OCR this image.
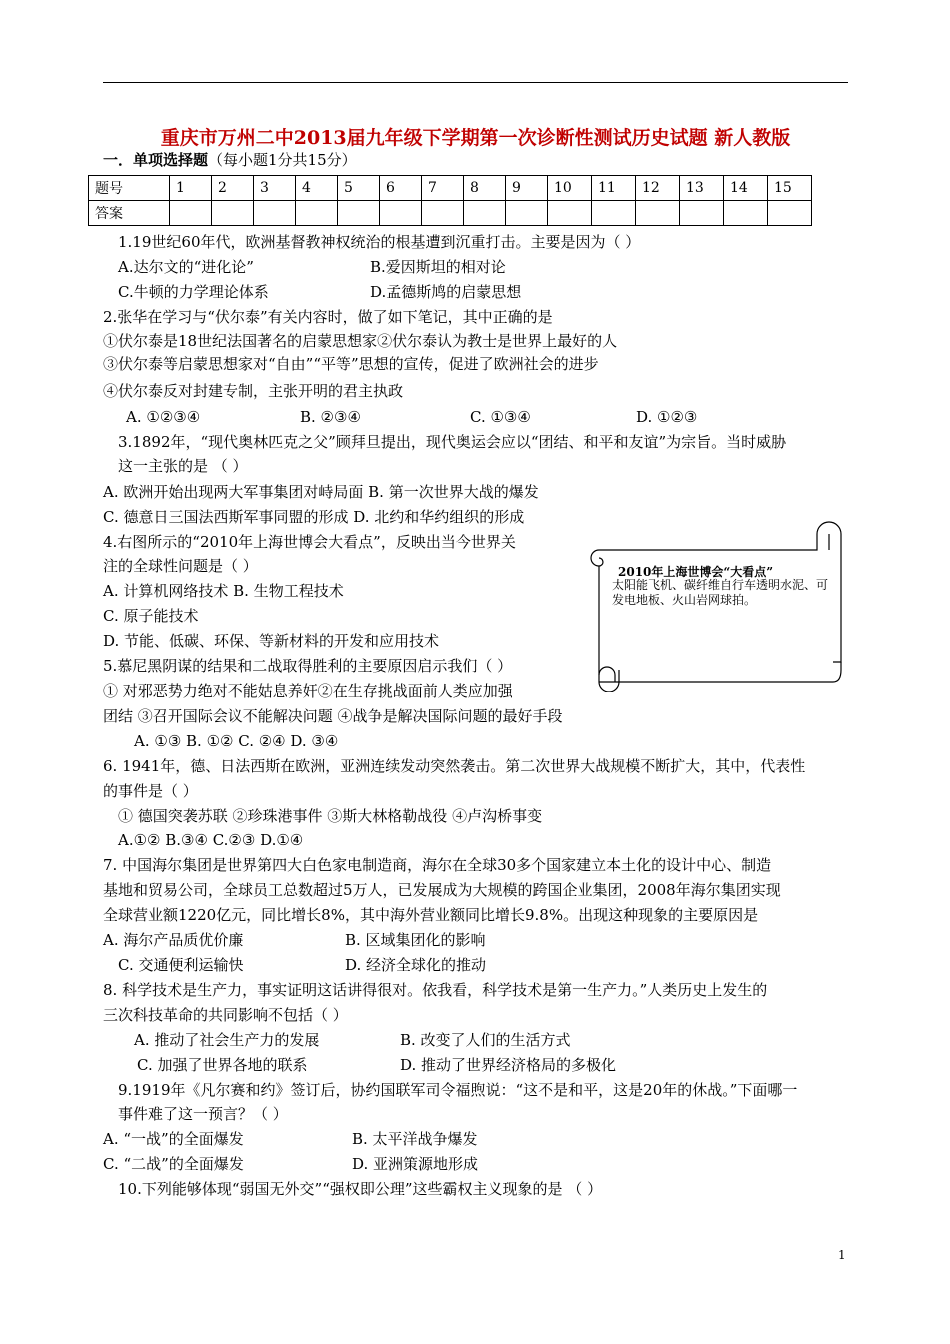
重庆市万州二中2013届九年级下学期第一次诊断性测试历史试题 新人教版
一．单项选择题（每小题1分共15分）
题号	1	2	3	4	5	6	7	8	9	10	11	12	13	14	15
答案															
1.19世纪60年代，欧洲基督教神权统治的根基遭到沉重打击。主要是因为（ ）
A.达尔文的“进化论”	B.爱因斯坦的相对论
C.牛顿的力学理论体系	D.孟德斯鸠的启蒙思想
2.张华在学习与“伏尔泰”有关内容时，做了如下笔记，其中正确的是
①伏尔泰是18世纪法国著名的启蒙思想家②伏尔泰认为教士是世界上最好的人
③伏尔泰等启蒙思想家对“自由”“平等”思想的宣传，促进了欧洲社会的进步
④伏尔泰反对封建专制，主张开明的君主执政
A. ①②③④	B. ②③④	C. ①③④	D. ①②③
3.1892年，“现代奥林匹克之父”顾拜旦提出，现代奥运会应以“团结、和平和友谊”为宗旨。当时威胁
这一主张的是 （ ）
A. 欧洲开始出现两大军事集团对峙局面 B. 第一次世界大战的爆发
C. 德意日三国法西斯军事同盟的形成 D. 北约和华约组织的形成
4.右图所示的“2010年上海世博会大看点”，反映出当今世界关
注的全球性问题是（ ）
A. 计算机网络技术 B. 生物工程技术
C. 原子能技术
D. 节能、低碳、环保、等新材料的开发和应用技术
2010年上海世博会“大看点”
太阳能飞机、碳纤维自行车透明水泥、可发电地板、火山岩网球拍。
5.慕尼黑阴谋的结果和二战取得胜利的主要原因启示我们（ ）
① 对邪恶势力绝对不能姑息养奸②在生存挑战面前人类应加强
团结 ③召开国际会议不能解决问题 ④战争是解决国际问题的最好手段
A. ①③ B. ①② C. ②④ D. ③④
6. 1941年，德、日法西斯在欧洲，亚洲连续发动突然袭击。第二次世界大战规模不断扩大，其中，代表性
的事件是（ ）
① 德国突袭苏联 ②珍珠港事件 ③斯大林格勒战役 ④卢沟桥事变
A.①② B.③④ C.②③ D.①④
7. 中国海尔集团是世界第四大白色家电制造商，海尔在全球30多个国家建立本土化的设计中心、制造
基地和贸易公司，全球员工总数超过5万人，已发展成为大规模的跨国企业集团，2008年海尔集团实现
全球营业额1220亿元，同比增长8%，其中海外营业额同比增长9.8%。出现这种现象的主要原因是
A. 海尔产品质优价廉	B. 区域集团化的影响
C. 交通便利运输快	D. 经济全球化的推动
8. 科学技术是生产力，事实证明这话讲得很对。依我看，科学技术是第一生产力。”人类历史上发生的
三次科技革命的共同影响不包括（ ）
A. 推动了社会生产力的发展	B. 改变了人们的生活方式
C. 加强了世界各地的联系	D. 推动了世界经济格局的多极化
9.1919年《凡尔赛和约》签订后，协约国联军司令福煦说：“这不是和平，这是20年的休战。”下面哪一
事件难了这一预言？（ ）
A. “一战”的全面爆发	B. 太平洋战争爆发
C. “二战”的全面爆发	D. 亚洲策源地形成
10.下列能够体现“弱国无外交”“强权即公理”这些霸权主义现象的是 （ ）
1
